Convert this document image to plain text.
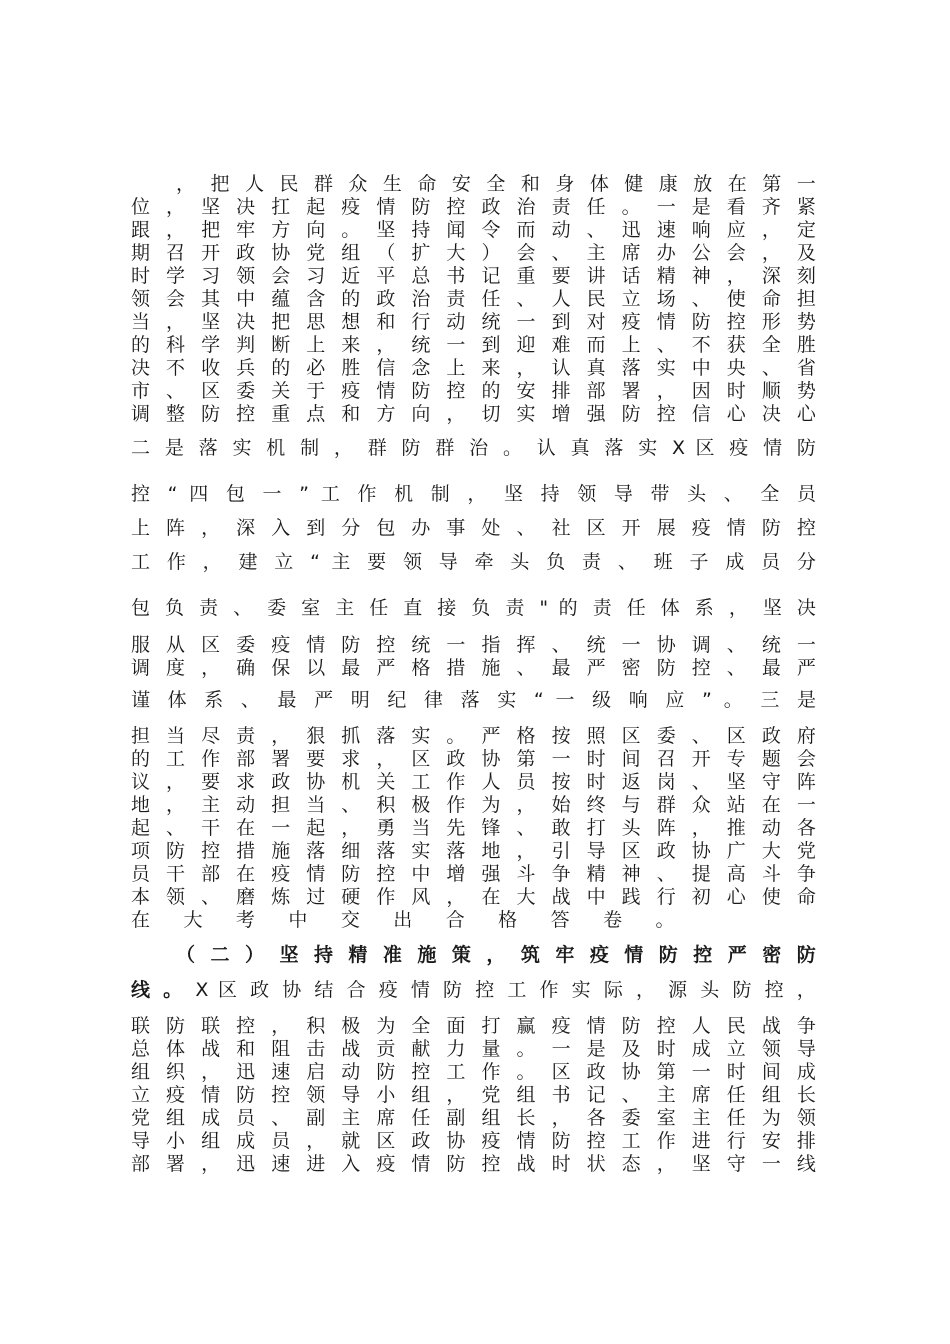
， 把 人 民 群 众 生 命 安 全 和 身 体 健 康 放 在 第 一
位 ， 坚 决 扛 起 疫 情 防 控 政 治 责 任 。 一 是 看 齐 紧
跟 ， 把 牢 方 向 。 坚 持 闻 令 而 动 、 迅 速 响 应 ， 定
期 召 开 政 协 党 组 （ 扩 大 ） 会 、 主 席 办 公 会 ， 及
时 学 习 领 会 习 近 平 总 书 记 重 要 讲 话 精 神 ， 深 刻
领 会 其 中 蕴 含 的 政 治 责 任 、 人 民 立 场 、 使 命 担
当 ， 坚 决 把 思 想 和 行 动 统 一 到 对 疫 情 防 控 形 势
的 科 学 判 断 上 来 ， 统 一 到 迎 难 而 上 、 不 获 全 胜
决 不 收 兵 的 必 胜 信 念 上 来 ， 认 真 落 实 中 央 、 省
市 、 区 委 关 于 疫 情 防 控 的 安 排 部 署 ， 因 时 顺 势
调 整 防 控 重 点 和 方 向 ， 切 实 增 强 防 控 信 心 决 心
二 是 落 实 机 制 ， 群 防 群 治 。 认 真 落 实 X 区 疫 情 防
控 “ 四 包 一 ” 工 作 机 制 ， 坚 持 领 导 带 头 、 全 员
上 阵 ， 深 入 到 分 包 办 事 处 、 社 区 开 展 疫 情 防 控
工 作 ， 建 立 “ 主 要 领 导 牵 头 负 责 、 班 子 成 员 分
包 负 责 、 委 室 主 任 直 接 负 责 " 的 责 任 体 系 ， 坚 决
服 从 区 委 疫 情 防 控 统 一 指 挥 、 统 一 协 调 、 统 一
调 度 ， 确 保 以 最 严 格 措 施 、 最 严 密 防 控 、 最 严
谨 体 系 、 最 严 明 纪 律 落 实 “ 一 级 响 应 ” 。 三 是
担 当 尽 责 ， 狠 抓 落 实 。 严 格 按 照 区 委 、 区 政 府
的 工 作 部 署 要 求 ， 区 政 协 第 一 时 间 召 开 专 题 会
议 ， 要 求 政 协 机 关 工 作 人 员 按 时 返 岗 、 坚 守 阵
地 ， 主 动 担 当 、 积 极 作 为 ， 始 终 与 群 众 站 在 一
起 、 干 在 一 起 ， 勇 当 先 锋 、 敢 打 头 阵 ， 推 动 各
项 防 控 措 施 落 细 落 实 落 地 ， 引 导 区 政 协 广 大 党
员 干 部 在 疫 情 防 控 中 增 强 斗 争 精 神 、 提 高 斗 争
本 领 、 磨 炼 过 硬 作 风 ， 在 大 战 中 践 行 初 心 使 命
在 大 考 中 交 出 合 格 答 卷 。
（ 二 ） 坚 持 精 准 施 策 ， 筑 牢 疫 情 防 控 严 密 防
线 。 X 区 政 协 结 合 疫 情 防 控 工 作 实 际 ， 源 头 防 控 ，
联 防 联 控 ， 积 极 为 全 面 打 赢 疫 情 防 控 人 民 战 争
总 体 战 和 阻 击 战 贡 献 力 量 。 一 是 及 时 成 立 领 导
组 织 ， 迅 速 启 动 防 控 工 作 。 区 政 协 第 一 时 间 成
立 疫 情 防 控 领 导 小 组 ， 党 组 书 记 、 主 席 任 组 长
党 组 成 员 、 副 主 席 任 副 组 长 ， 各 委 室 主 任 为 领
导 小 组 成 员 ， 就 区 政 协 疫 情 防 控 工 作 进 行 安 排
部 署 ， 迅 速 进 入 疫 情 防 控 战 时 状 态 ， 坚 守 一 线
